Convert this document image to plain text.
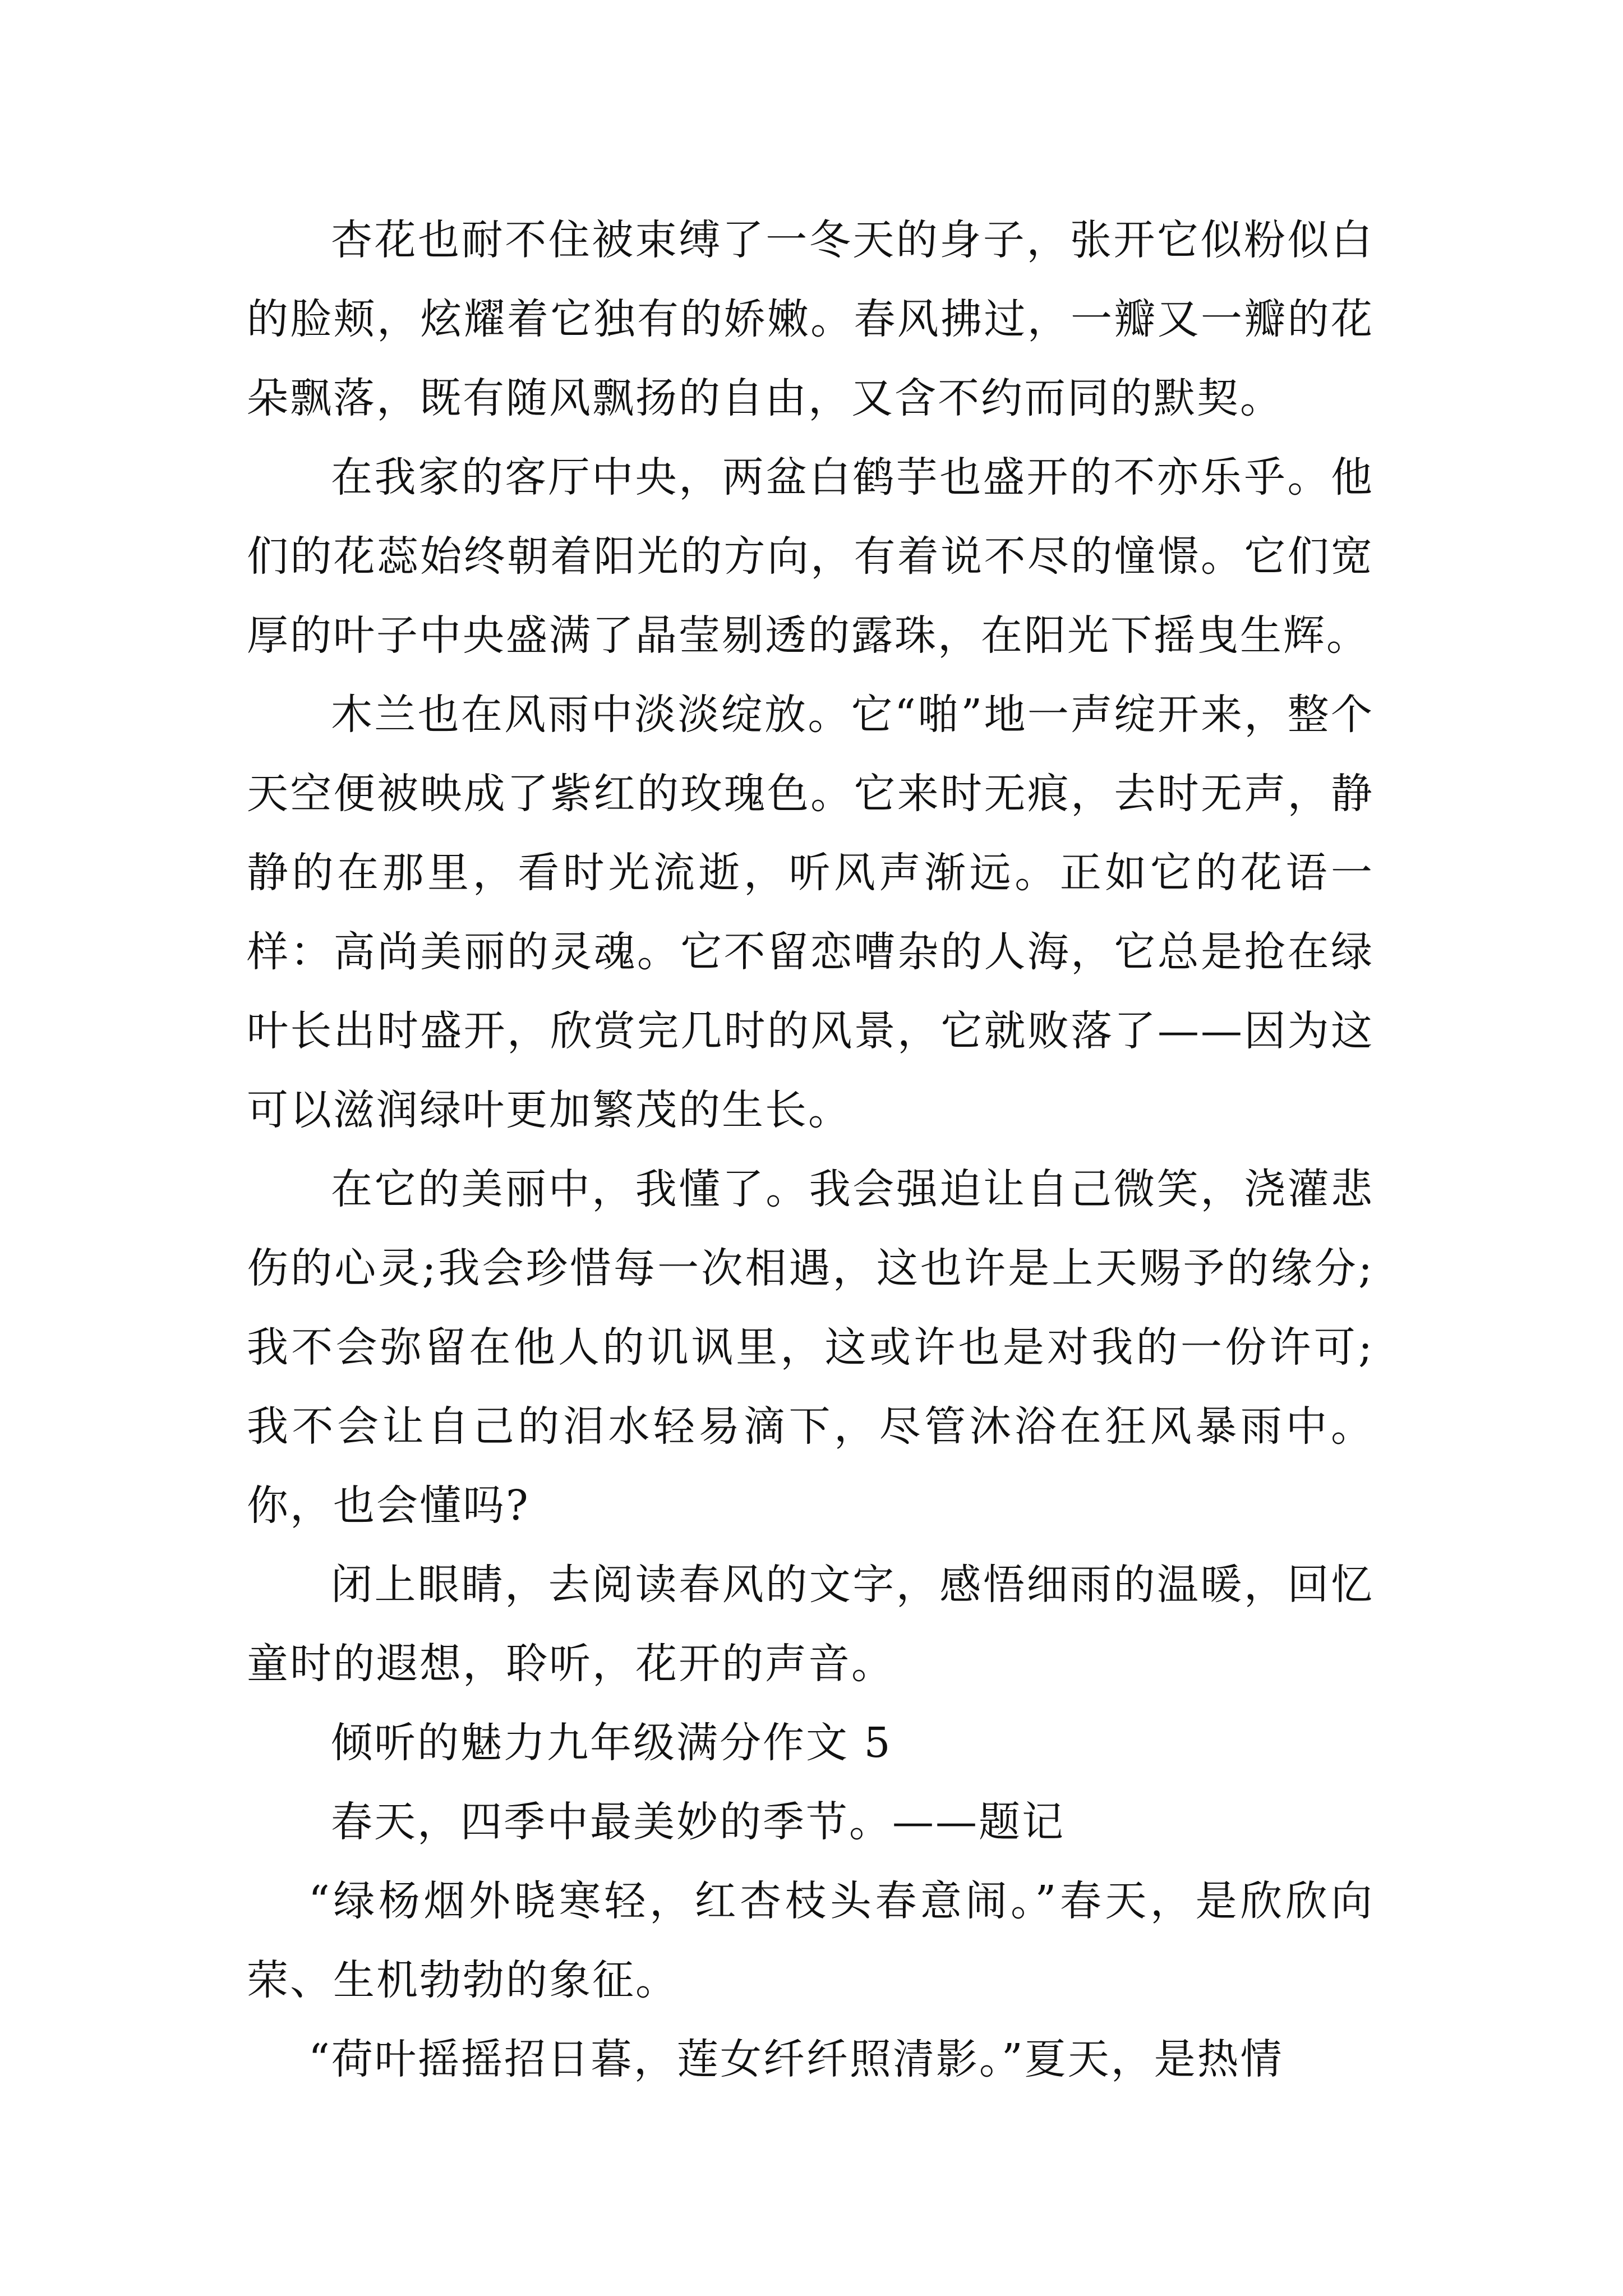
杏花也耐不住被束缚了一冬天的身子，张开它似粉似白的脸颊，炫耀着它独有的娇嫩。春风拂过，一瓣又一瓣的花朵飘落，既有随风飘扬的自由，又含不约而同的默契。

在我家的客厅中央，两盆白鹤芋也盛开的不亦乐乎。他们的花蕊始终朝着阳光的方向，有着说不尽的憧憬。它们宽厚的叶子中央盛满了晶莹剔透的露珠，在阳光下摇曳生辉。

木兰也在风雨中淡淡绽放。它“啪”地一声绽开来，整个天空便被映成了紫红的玫瑰色。它来时无痕，去时无声，静静的在那里，看时光流逝，听风声渐远。正如它的花语一样：高尚美丽的灵魂。它不留恋嘈杂的人海，它总是抢在绿叶长出时盛开，欣赏完几时的风景，它就败落了——因为这可以滋润绿叶更加繁茂的生长。

在它的美丽中，我懂了。我会强迫让自己微笑，浇灌悲伤的心灵;我会珍惜每一次相遇，这也许是上天赐予的缘分;我不会弥留在他人的讥讽里，这或许也是对我的一份许可;我不会让自己的泪水轻易滴下，尽管沐浴在狂风暴雨中。你，也会懂吗?

闭上眼睛，去阅读春风的文字，感悟细雨的温暖，回忆童时的遐想，聆听，花开的声音。

倾听的魅力九年级满分作文 5

春天，四季中最美妙的季节。——题记

“绿杨烟外晓寒轻，红杏枝头春意闹。”春天，是欣欣向荣、生机勃勃的象征。

“荷叶摇摇招日暮，莲女纤纤照清影。”夏天，是热情
